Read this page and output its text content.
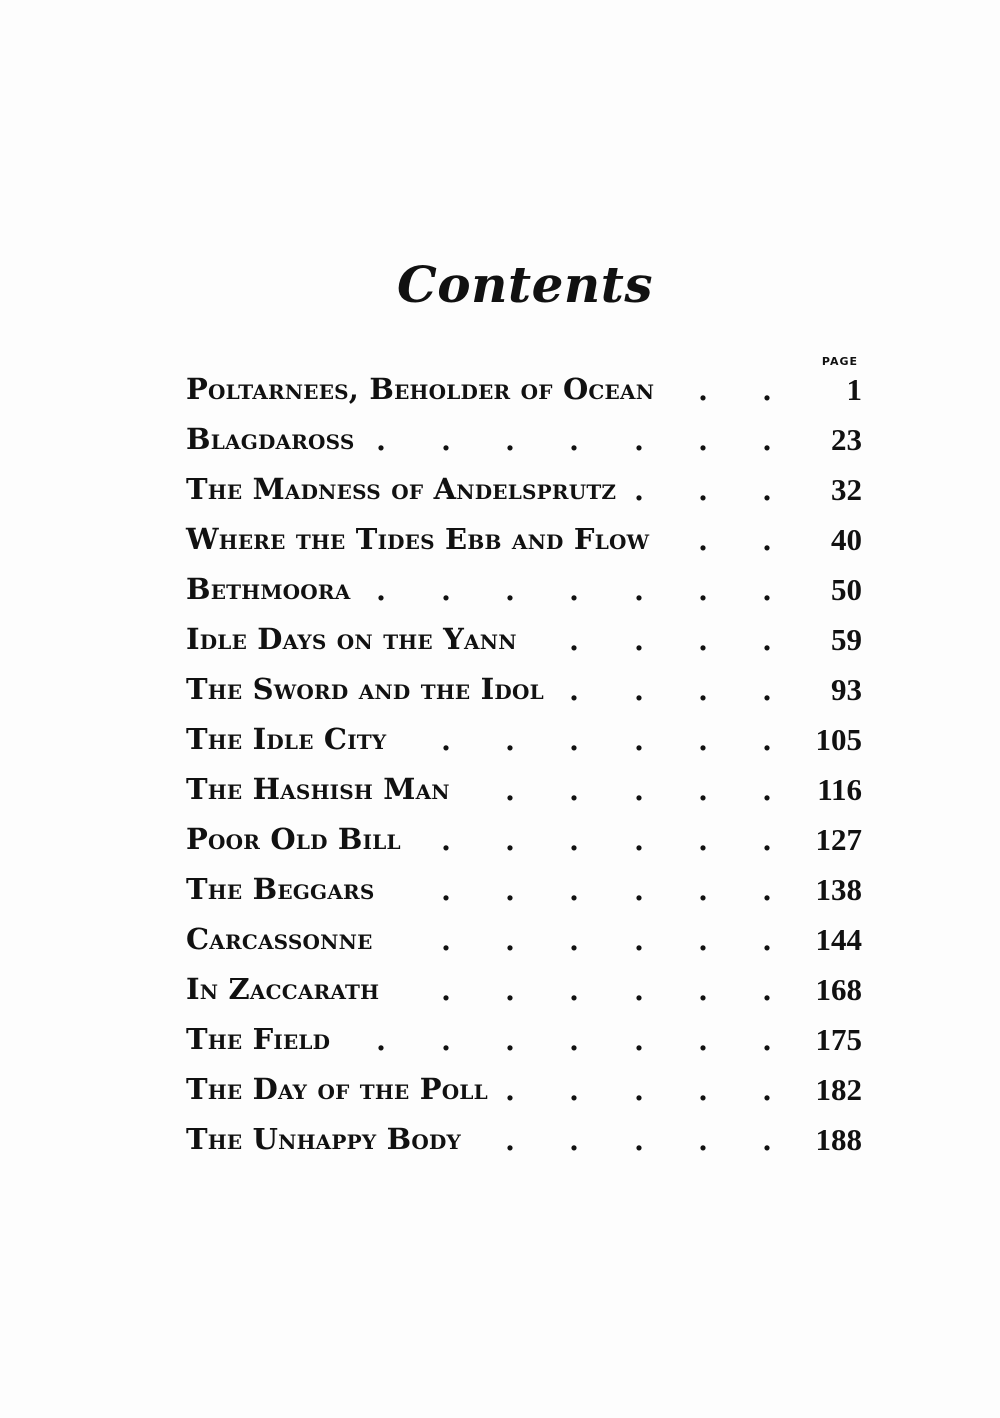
Contents
PAGE
Poltarnees, Beholder of Ocean . .	1
Blagdaross . . . . . . .	23
The Madness of Andelsprutz . . .	32
Where the Tides Ebb and Flow . .	40
Bethmoora . . . . . . .	50
Idle Days on the Yann . . . .	59
The Sword and the Idol . . . .	93
The Idle City . . . . . .	105
The Hashish Man . . . . .	116
Poor Old Bill . . . . . .	127
The Beggars . . . . . .	138
Carcassonne . . . . . .	144
In Zaccarath . . . . . .	168
The Field . . . . . . .	175
The Day of the Poll . . . . .	182
The Unhappy Body . . . . .	188
